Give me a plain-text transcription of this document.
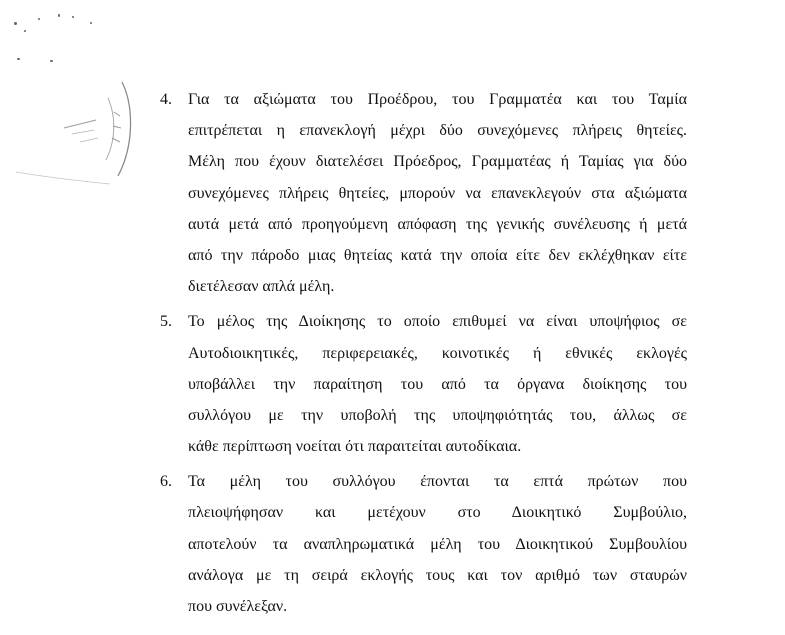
4.	Για τα αξιώματα του Προέδρου, του Γραμματέα και του Ταμία
επιτρέπεται η επανεκλογή μέχρι δύο συνεχόμενες πλήρεις θητείες.
Μέλη που έχουν διατελέσει Πρόεδρος, Γραμματέας ή Ταμίας για δύο
συνεχόμενες πλήρεις θητείες, μπορούν να επανεκλεγούν στα αξιώματα
αυτά μετά από προηγούμενη απόφαση της γενικής συνέλευσης ή μετά
από την πάροδο μιας θητείας κατά την οποία είτε δεν εκλέχθηκαν είτε
διετέλεσαν απλά μέλη.
5.	Το μέλος της Διοίκησης το οποίο επιθυμεί να είναι υποψήφιος σε
Αυτοδιοικητικές, περιφερειακές, κοινοτικές ή εθνικές εκλογές
υποβάλλει την παραίτηση του από τα όργανα διοίκησης του
συλλόγου με την υποβολή της υποψηφιότητάς του, άλλως σε
κάθε περίπτωση νοείται ότι παραιτείται αυτοδίκαια.
6.	Τα μέλη του συλλόγου έπονται τα επτά πρώτων που
πλειοψήφησαν και μετέχουν στο Διοικητικό Συμβούλιο,
αποτελούν τα αναπληρωματικά μέλη του Διοικητικού Συμβουλίου
ανάλογα με τη σειρά εκλογής τους και τον αριθμό των σταυρών
που συνέλεξαν.
